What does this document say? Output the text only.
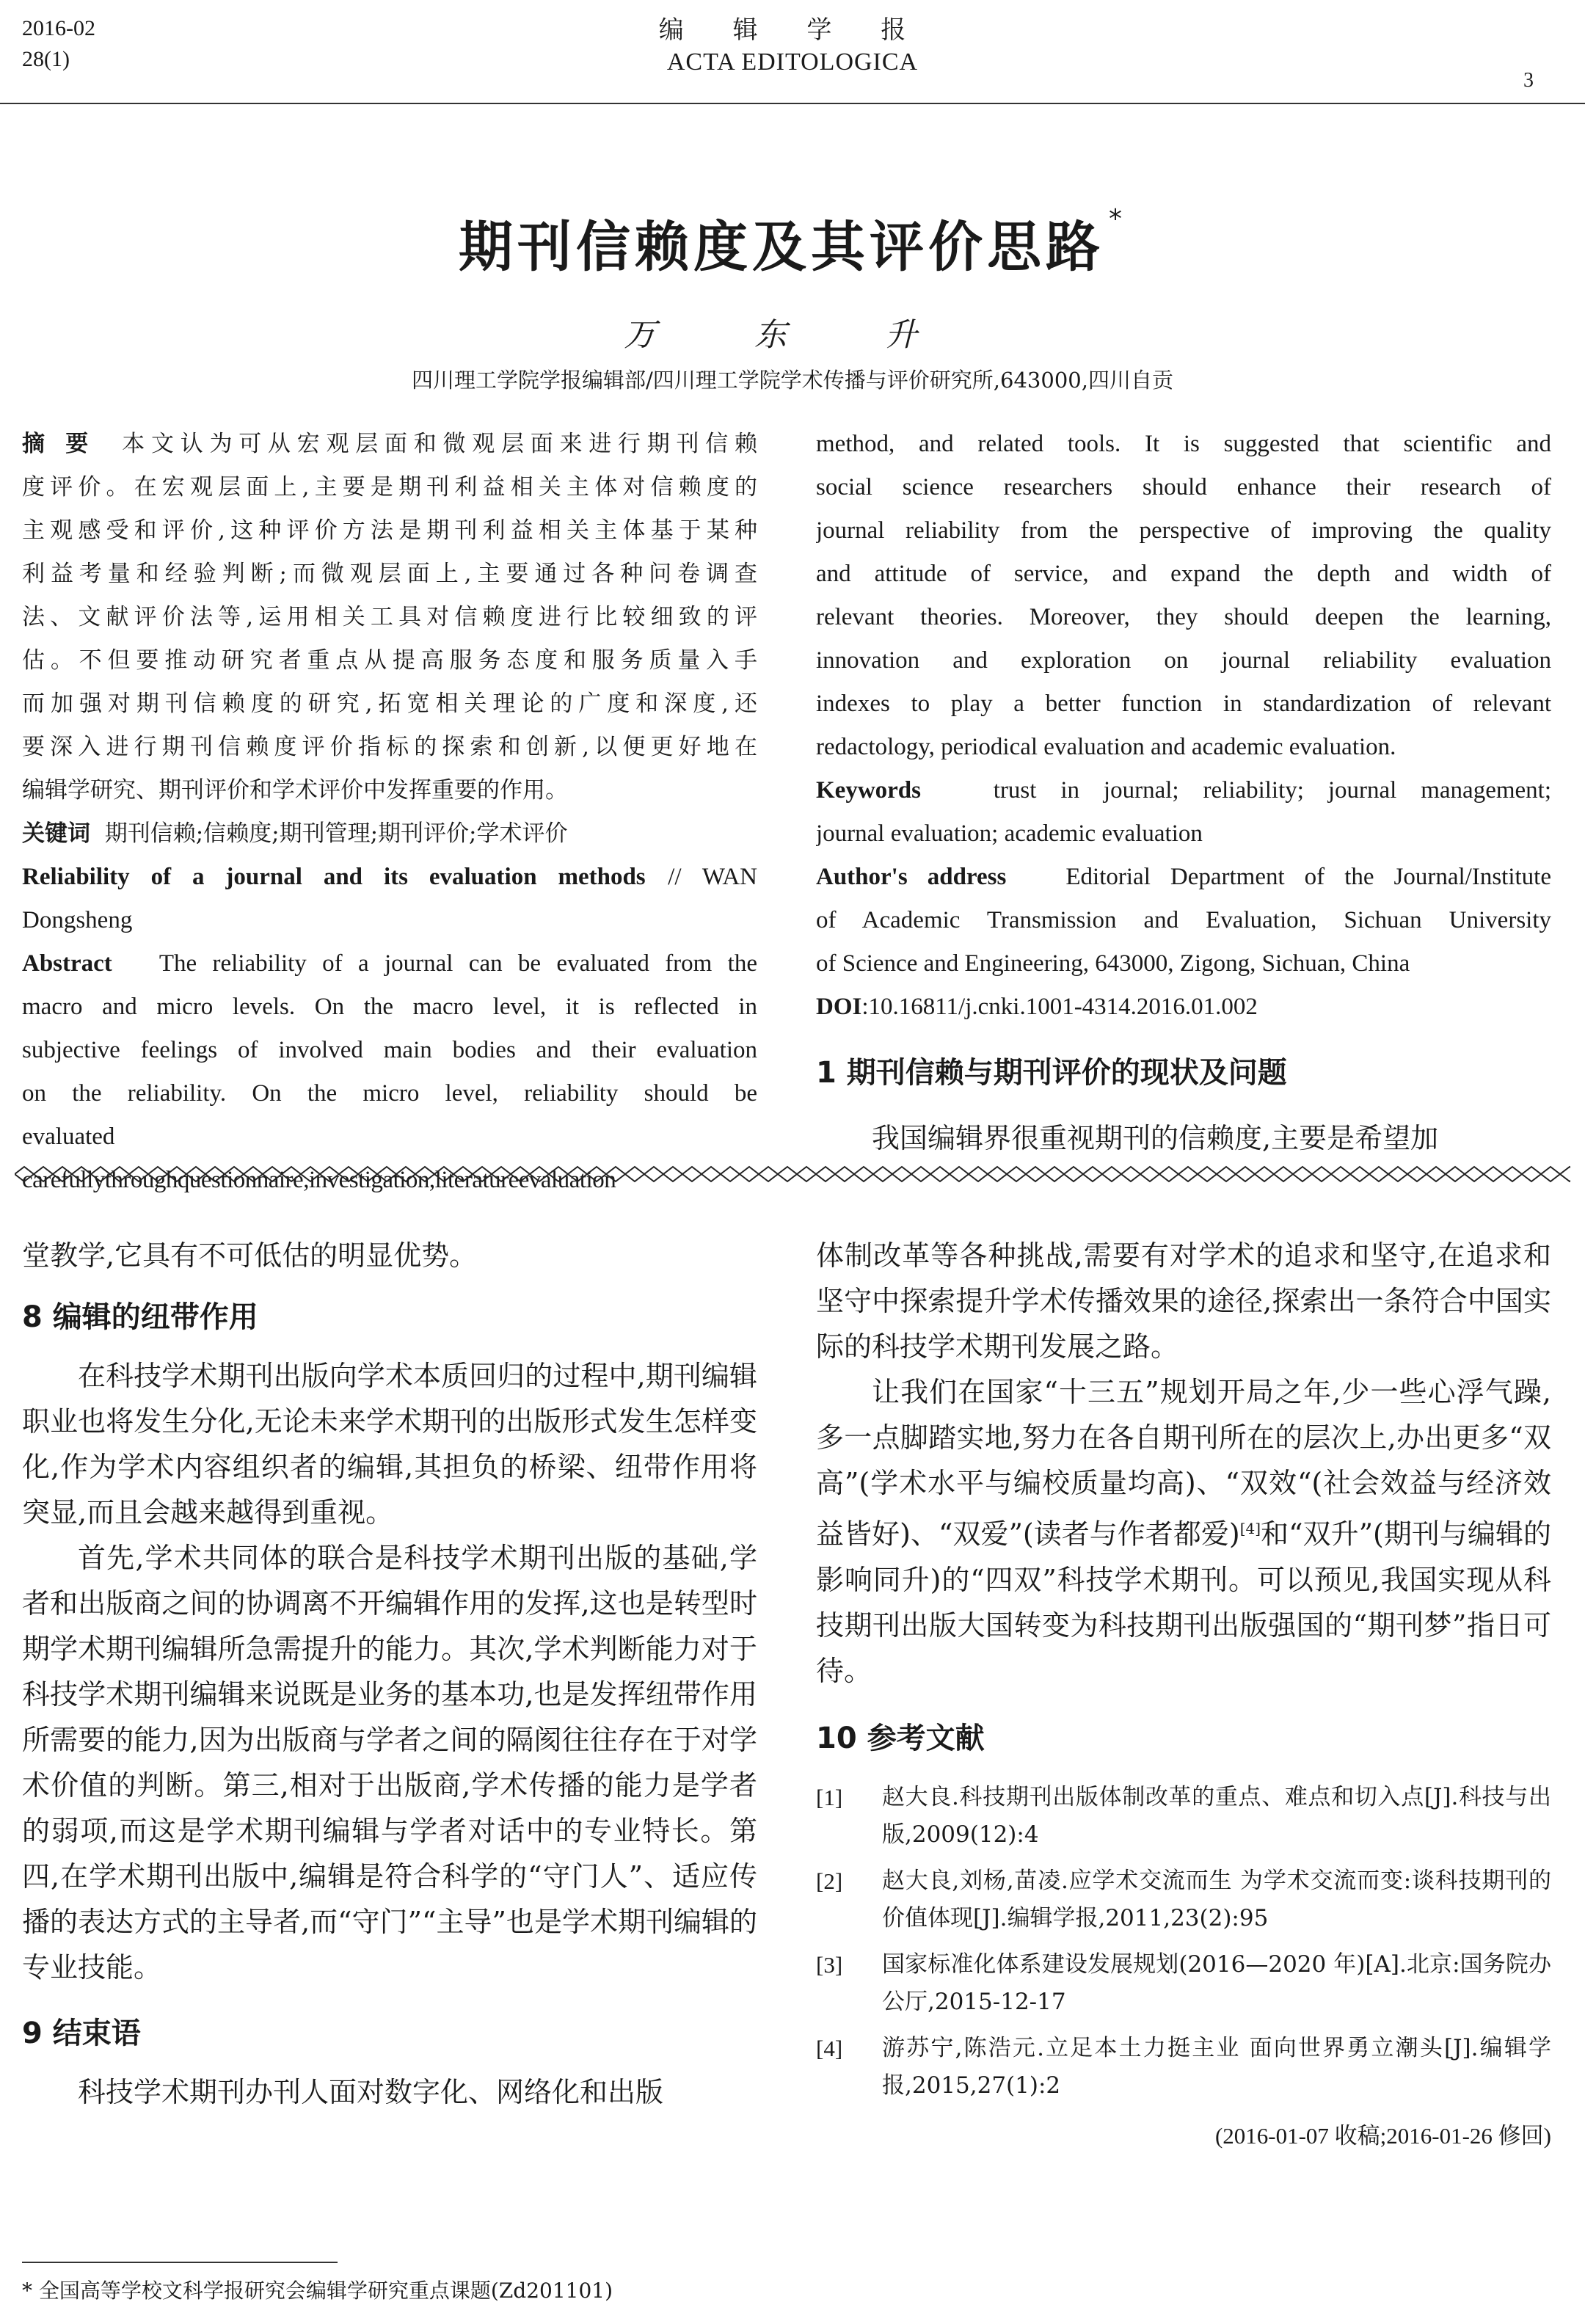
2016-02
28(1)
编 辑 学 报
ACTA EDITOLOGICA
3
期刊信赖度及其评价思路 *
万 东 升
四川理工学院学报编辑部/四川理工学院学术传播与评价研究所,643000,四川自贡
摘 要 本文认为可从宏观层面和微观层面来进行期刊信赖
度评价。在宏观层面上,主要是期刊利益相关主体对信赖度的
主观感受和评价,这种评价方法是期刊利益相关主体基于某种
利益考量和经验判断;而微观层面上,主要通过各种问卷调查
法、文献评价法等,运用相关工具对信赖度进行比较细致的评
估。不但要推动研究者重点从提高服务态度和服务质量入手
而加强对期刊信赖度的研究,拓宽相关理论的广度和深度,还
要深入进行期刊信赖度评价指标的探索和创新,以便更好地在
编辑学研究、期刊评价和学术评价中发挥重要的作用。
关键词 期刊信赖;信赖度;期刊管理;期刊评价;学术评价
Reliability of a journal and its evaluation methods // WAN
Dongsheng
Abstract The reliability of a journal can be evaluated from the
macro and micro levels. On the macro level, it is reflected in
subjective feelings of involved main bodies and their evaluation
on the reliability. On the micro level, reliability should be
evaluated
method, and related tools. It is suggested that scientific and
social science researchers should enhance their research of
journal reliability from the perspective of improving the quality
and attitude of service, and expand the depth and width of
relevant theories. Moreover, they should deepen the learning,
innovation and exploration on journal reliability evaluation
indexes to play a better function in standardization of relevant
redactology, periodical evaluation and academic evaluation.
Keywords	trust in journal; reliability; journal management;
journal evaluation; academic evaluation
Author's address Editorial Department of the Journal/Institute
of Academic Transmission and Evaluation, Sichuan University
of Science and Engineering, 643000, Zigong, Sichuan, China
DOI:10.16811/j.cnki.1001-4314.2016.01.002
1 期刊信赖与期刊评价的现状及问题
我国编辑界很重视期刊的信赖度,主要是希望加

堂教学,它具有不可低估的明显优势。

8 编辑的纽带作用

在科技学术期刊出版向学术本质回归的过程中,期刊编辑职业也将发生分化,无论未来学术期刊的出版形式发生怎样变化,作为学术内容组织者的编辑,其担负的桥梁、纽带作用将突显,而且会越来越得到重视。

首先,学术共同体的联合是科技学术期刊出版的基础,学者和出版商之间的协调离不开编辑作用的发挥,这也是转型时期学术期刊编辑所急需提升的能力。其次,学术判断能力对于科技学术期刊编辑来说既是业务的基本功,也是发挥纽带作用所需要的能力,因为出版商与学者之间的隔阂往往存在于对学术价值的判断。第三,相对于出版商,学术传播的能力是学者的弱项,而这是学术期刊编辑与学者对话中的专业特长。第四,在学术期刊出版中,编辑是符合科学的“守门人”、适应传播的表达方式的主导者,而“守门”“主导”也是学术期刊编辑的专业技能。

9 结束语

科技学术期刊办刊人面对数字化、网络化和出版

体制改革等各种挑战,需要有对学术的追求和坚守,在追求和坚守中探索提升学术传播效果的途径,探索出一条符合中国实际的科技学术期刊发展之路。

让我们在国家“十三五”规划开局之年,少一些心浮气躁,多一点脚踏实地,努力在各自期刊所在的层次上,办出更多“双高”(学术水平与编校质量均高)、“双效“(社会效益与经济效益皆好)、“双爱”(读者与作者都爱)[4]和“双升”(期刊与编辑的影响同升)的“四双”科技学术期刊。可以预见,我国实现从科技期刊出版大国转变为科技期刊出版强国的“期刊梦”指日可待。

10 参考文献
[1] 赵大良.科技期刊出版体制改革的重点、难点和切入点[J].科技与出版,2009(12):4
[2] 赵大良,刘杨,苗凌.应学术交流而生 为学术交流而变:谈科技期刊的价值体现[J].编辑学报,2011,23(2):95
[3] 国家标准化体系建设发展规划(2016—2020 年)[A].北京:国务院办公厅,2015-12-17
[4] 游苏宁,陈浩元.立足本土力挺主业 面向世界勇立潮头[J].编辑学报,2015,27(1):2
(2016-01-07 收稿;2016-01-26 修回)
* 全国高等学校文科学报研究会编辑学研究重点课题(Zd201101)
